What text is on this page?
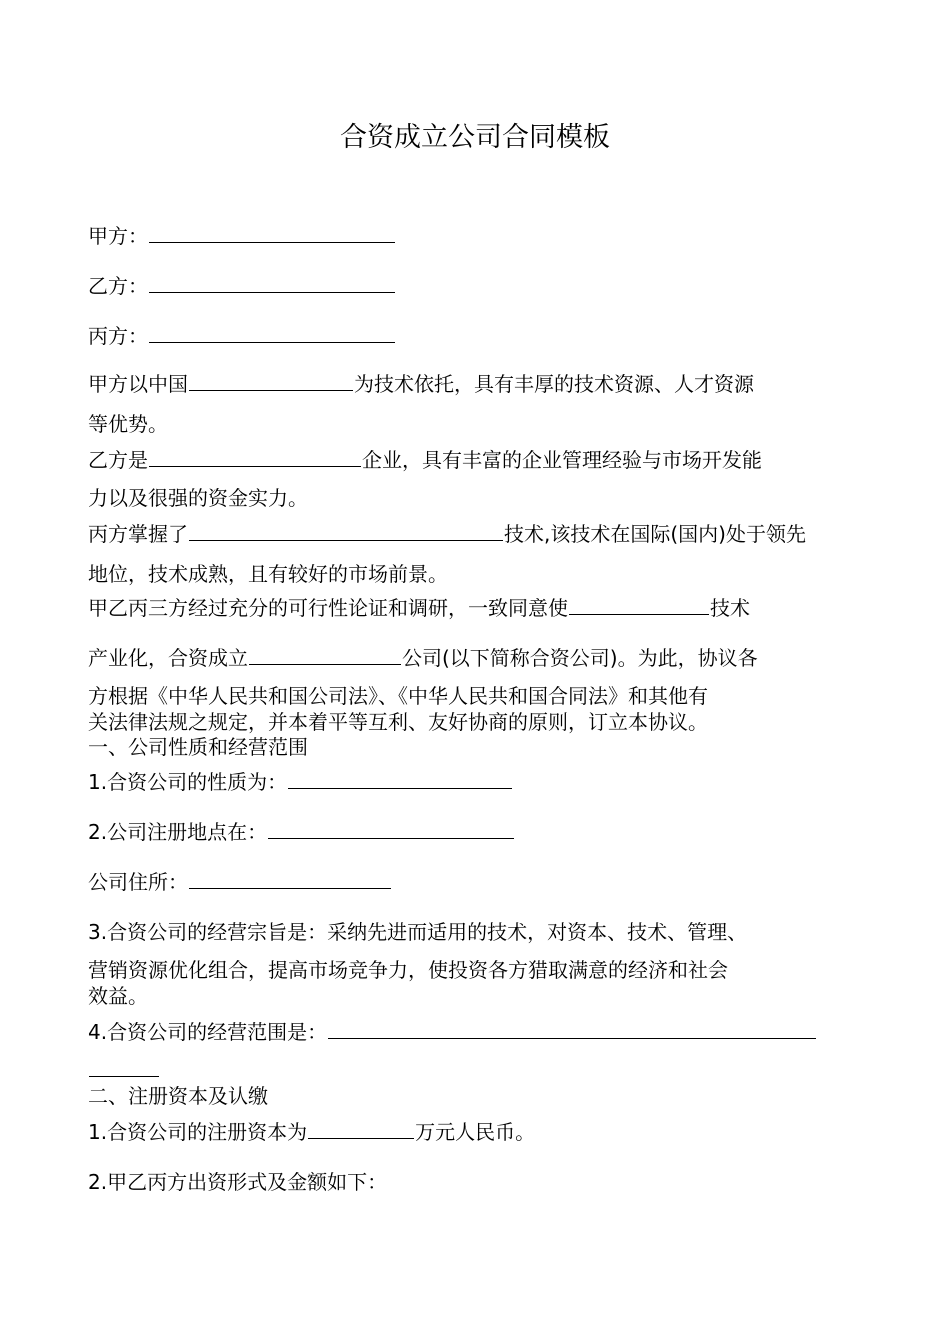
合资成立公司合同模板
甲方：
乙方：
丙方：
甲方以中国	为技术依托，具有丰厚的技术资源、人才资源
等优势。
乙方是	企业，具有丰富的企业管理经验与市场开发能
力以及很强的资金实力。
丙方掌握了	技术,该技术在国际(国内)处于领先
地位，技术成熟，且有较好的市场前景。
甲乙丙三方经过充分的可行性论证和调研，一致同意使	技术
产业化，合资成立	公司(以下简称合资公司)。为此，协议各
方根据《中华人民共和国公司法》、《中华人民共和国合同法》和其他有
关法律法规之规定，并本着平等互利、友好协商的原则，订立本协议。
一、公司性质和经营范围
1.合资公司的性质为：
2.公司注册地点在：
公司住所：
3.合资公司的经营宗旨是：采纳先进而适用的技术，对资本、技术、管理、
营销资源优化组合，提高市场竞争力，使投资各方猎取满意的经济和社会
效益。
4.合资公司的经营范围是：
二、注册资本及认缴
1.合资公司的注册资本为	万元人民币。
2.甲乙丙方出资形式及金额如下：
